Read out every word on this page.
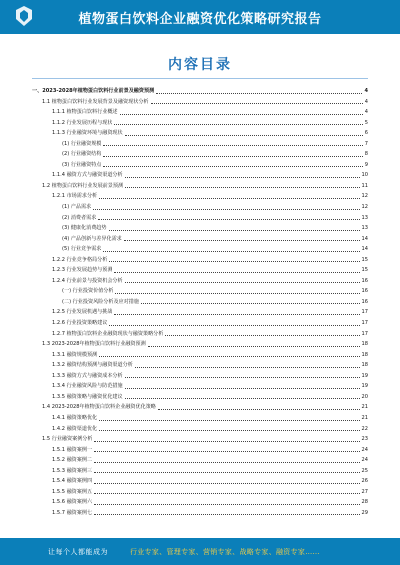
植物蛋白饮料企业融资优化策略研究报告
内容目录
一、2023-2028年植物蛋白饮料行业前景及融资预测	4
1.1 植物蛋白饮料行业发展背景及融资现状分析	4
1.1.1 植物蛋白饮料行业概述	4
1.1.2 行业发展历程与现状	5
1.1.3 行业融资环境与融资现状	6
(1) 行业融资规模	7
(2) 行业融资结构	8
(3) 行业融资特点	9
1.1.4 融资方式与融资渠道分析	10
1.2 植物蛋白饮料行业发展前景预测	11
1.2.1 市场需求分析	12
(1) 产品需求	12
(2) 消费者需求	13
(3) 健康化消费趋势	13
(4) 产品创新与差异化需求	14
(5) 行业竞争需求	14
1.2.2 行业竞争格局分析	15
1.2.3 行业发展趋势与预测	15
1.2.4 行业前景与投资机会分析	16
(一) 行业投资价值分析	16
(二) 行业投资风险分析及应对措施	16
1.2.5 行业发展机遇与挑战	17
1.2.6 行业投资策略建议	17
1.2.7 植物蛋白饮料企业融资现状与融资策略分析	17
1.3 2023-2028年植物蛋白饮料行业融资预测	18
1.3.1 融资规模预测	18
1.3.2 融资结构预测与融资渠道分析	18
1.3.3 融资方式与融资成本分析	19
1.3.4 行业融资风险与防范措施	19
1.3.5 融资策略与融资优化建议	20
1.4 2023-2028年植物蛋白饮料企业融资优化策略	21
1.4.1 融资策略优化	21
1.4.2 融资渠道优化	22
1.5 行业融资案例分析	23
1.5.1 融资案例一	24
1.5.2 融资案例二	24
1.5.3 融资案例三	25
1.5.4 融资案例四	26
1.5.5 融资案例五	27
1.5.6 融资案例六	28
1.5.7 融资案例七	29
让每个人都能成为	行业专家、管理专家、营销专家、战略专家、融资专家……
